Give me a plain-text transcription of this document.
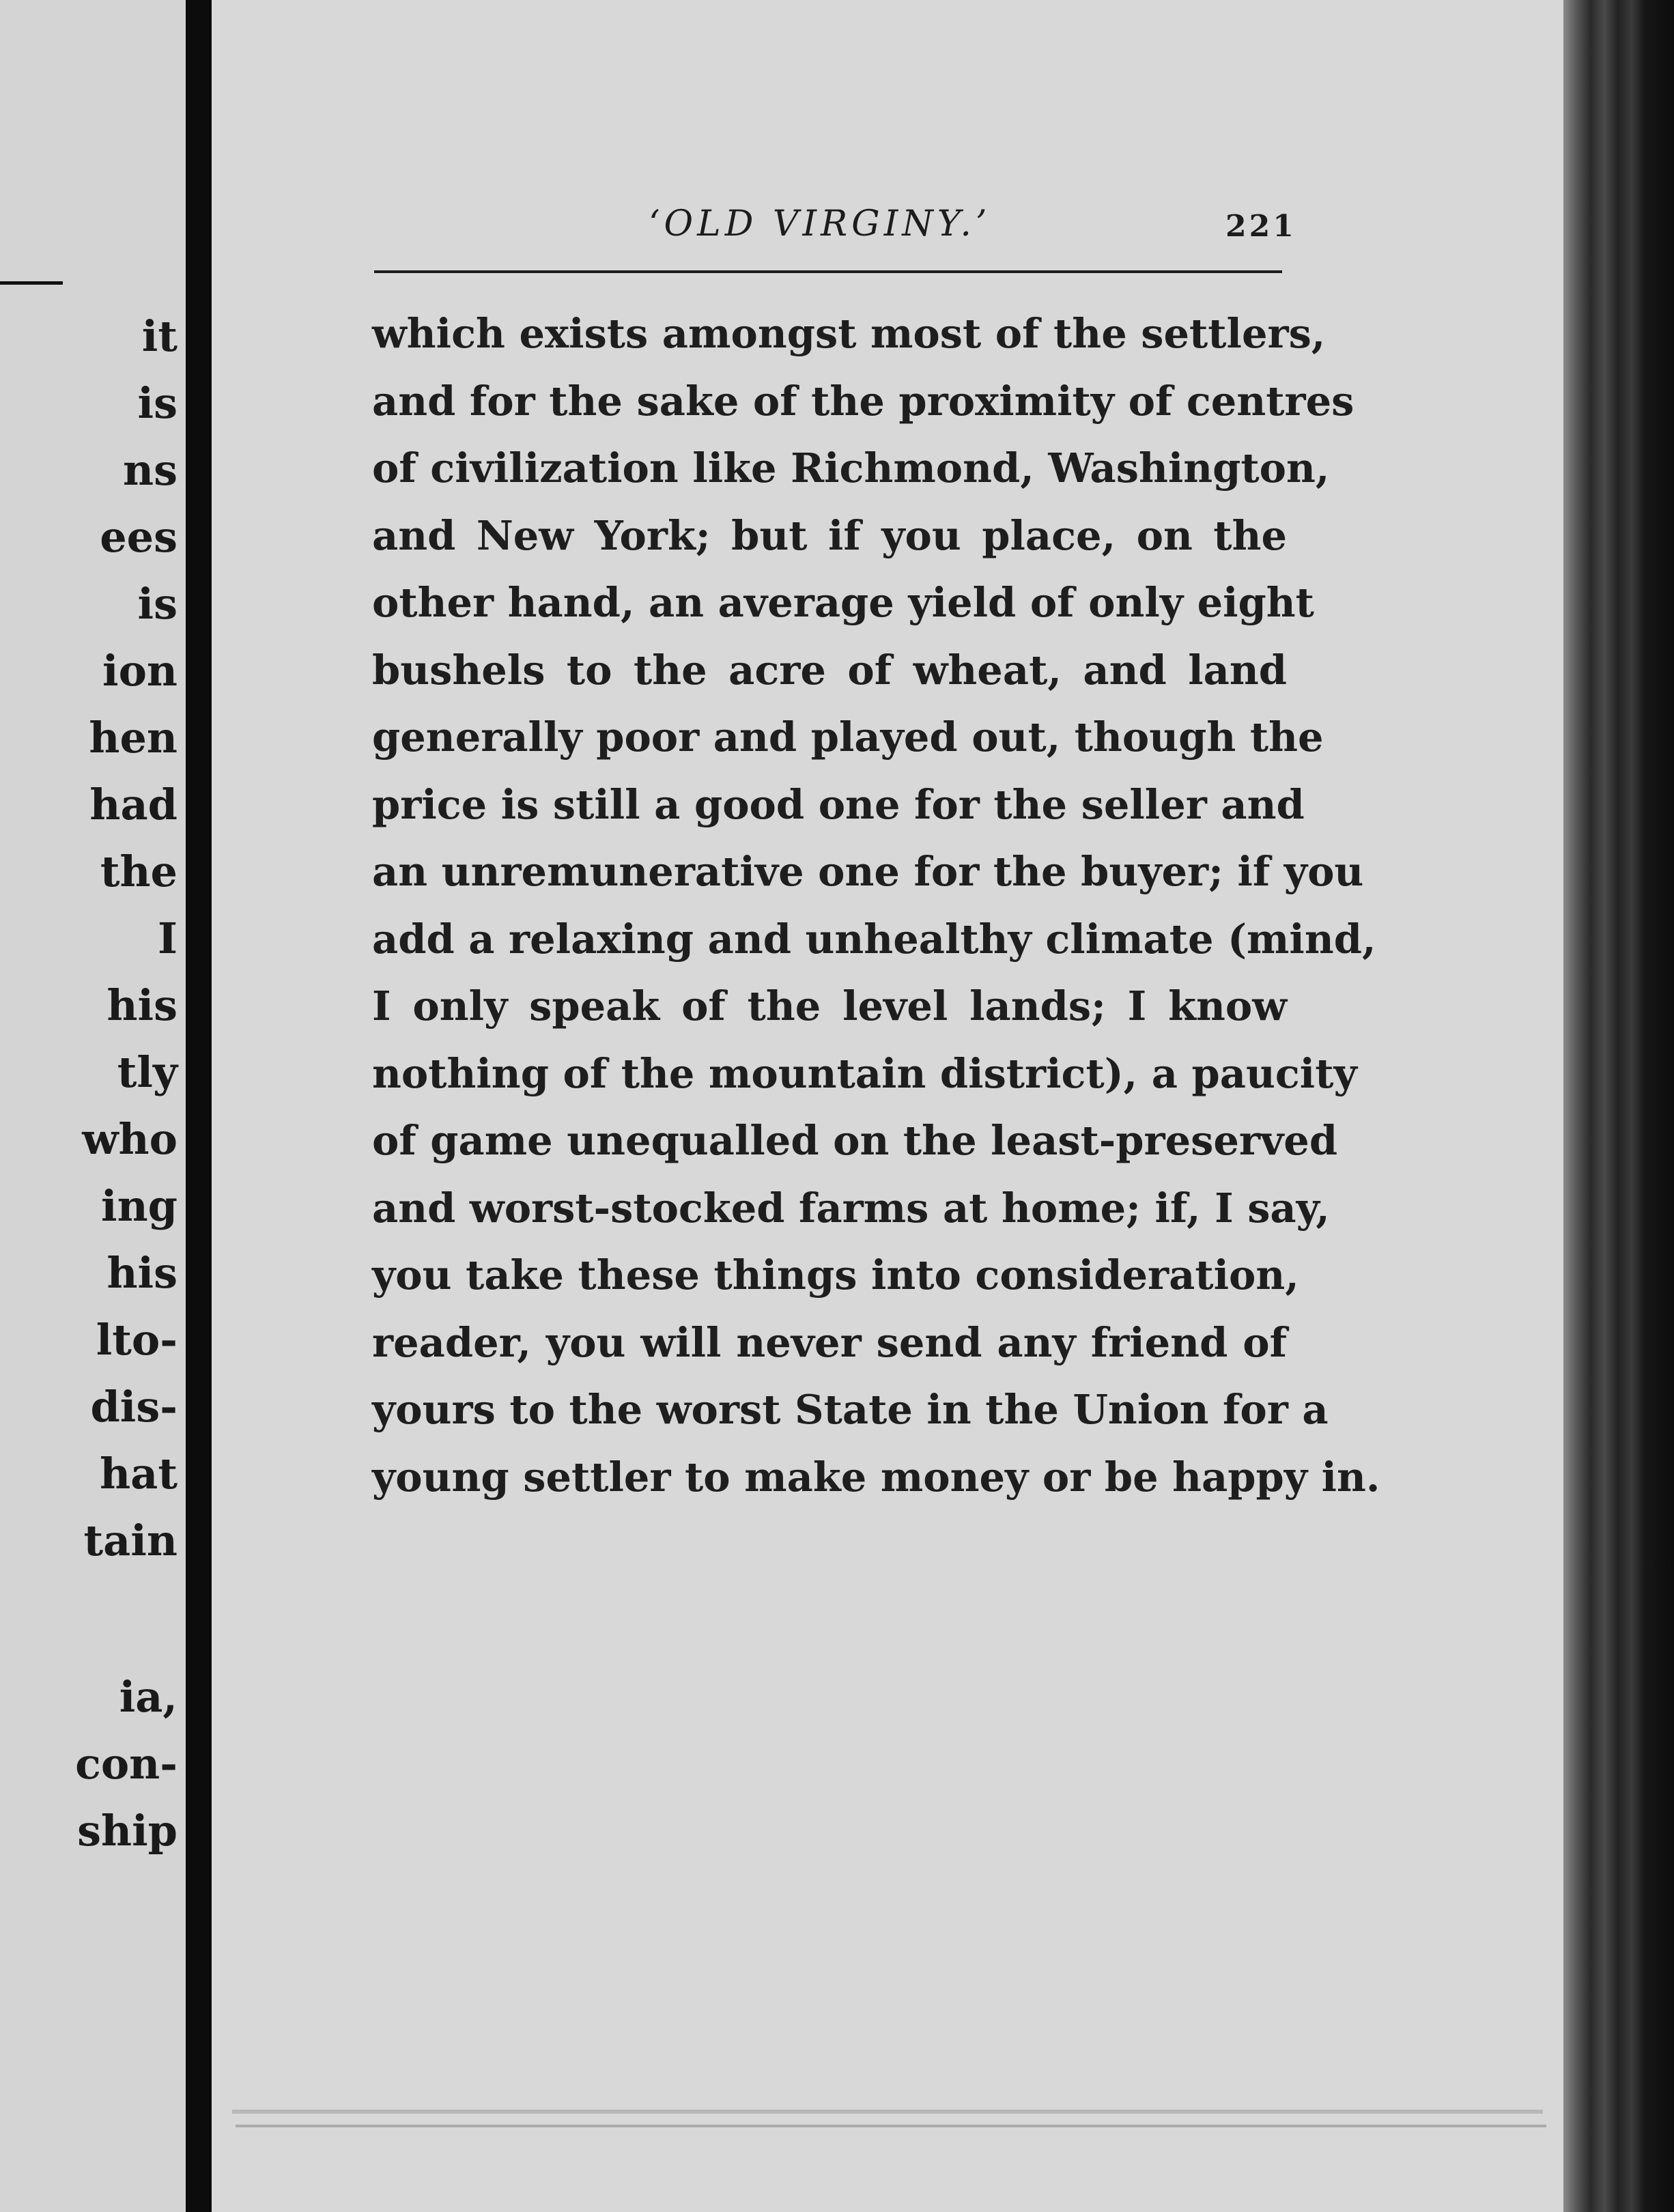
it
is
ns
ees
is
ion
hen
had
the
I
his
tly
who
ing
his
lto-
dis-
hat
tain
ia,
con-
ship
‘OLD VIRGINY.’	221
which exists amongst most of the settlers,
and for the sake of the proximity of centres
of civilization like Richmond, Washington,
and New York; but if you place, on the
other hand, an average yield of only eight
bushels to the acre of wheat, and land
generally poor and played out, though the
price is still a good one for the seller and
an unremunerative one for the buyer; if you
add a relaxing and unhealthy climate (mind,
I only speak of the level lands; I know
nothing of the mountain district), a paucity
of game unequalled on the least-preserved
and worst-stocked farms at home; if, I say,
you take these things into consideration,
reader, you will never send any friend of
yours to the worst State in the Union for a
young settler to make money or be happy in.
